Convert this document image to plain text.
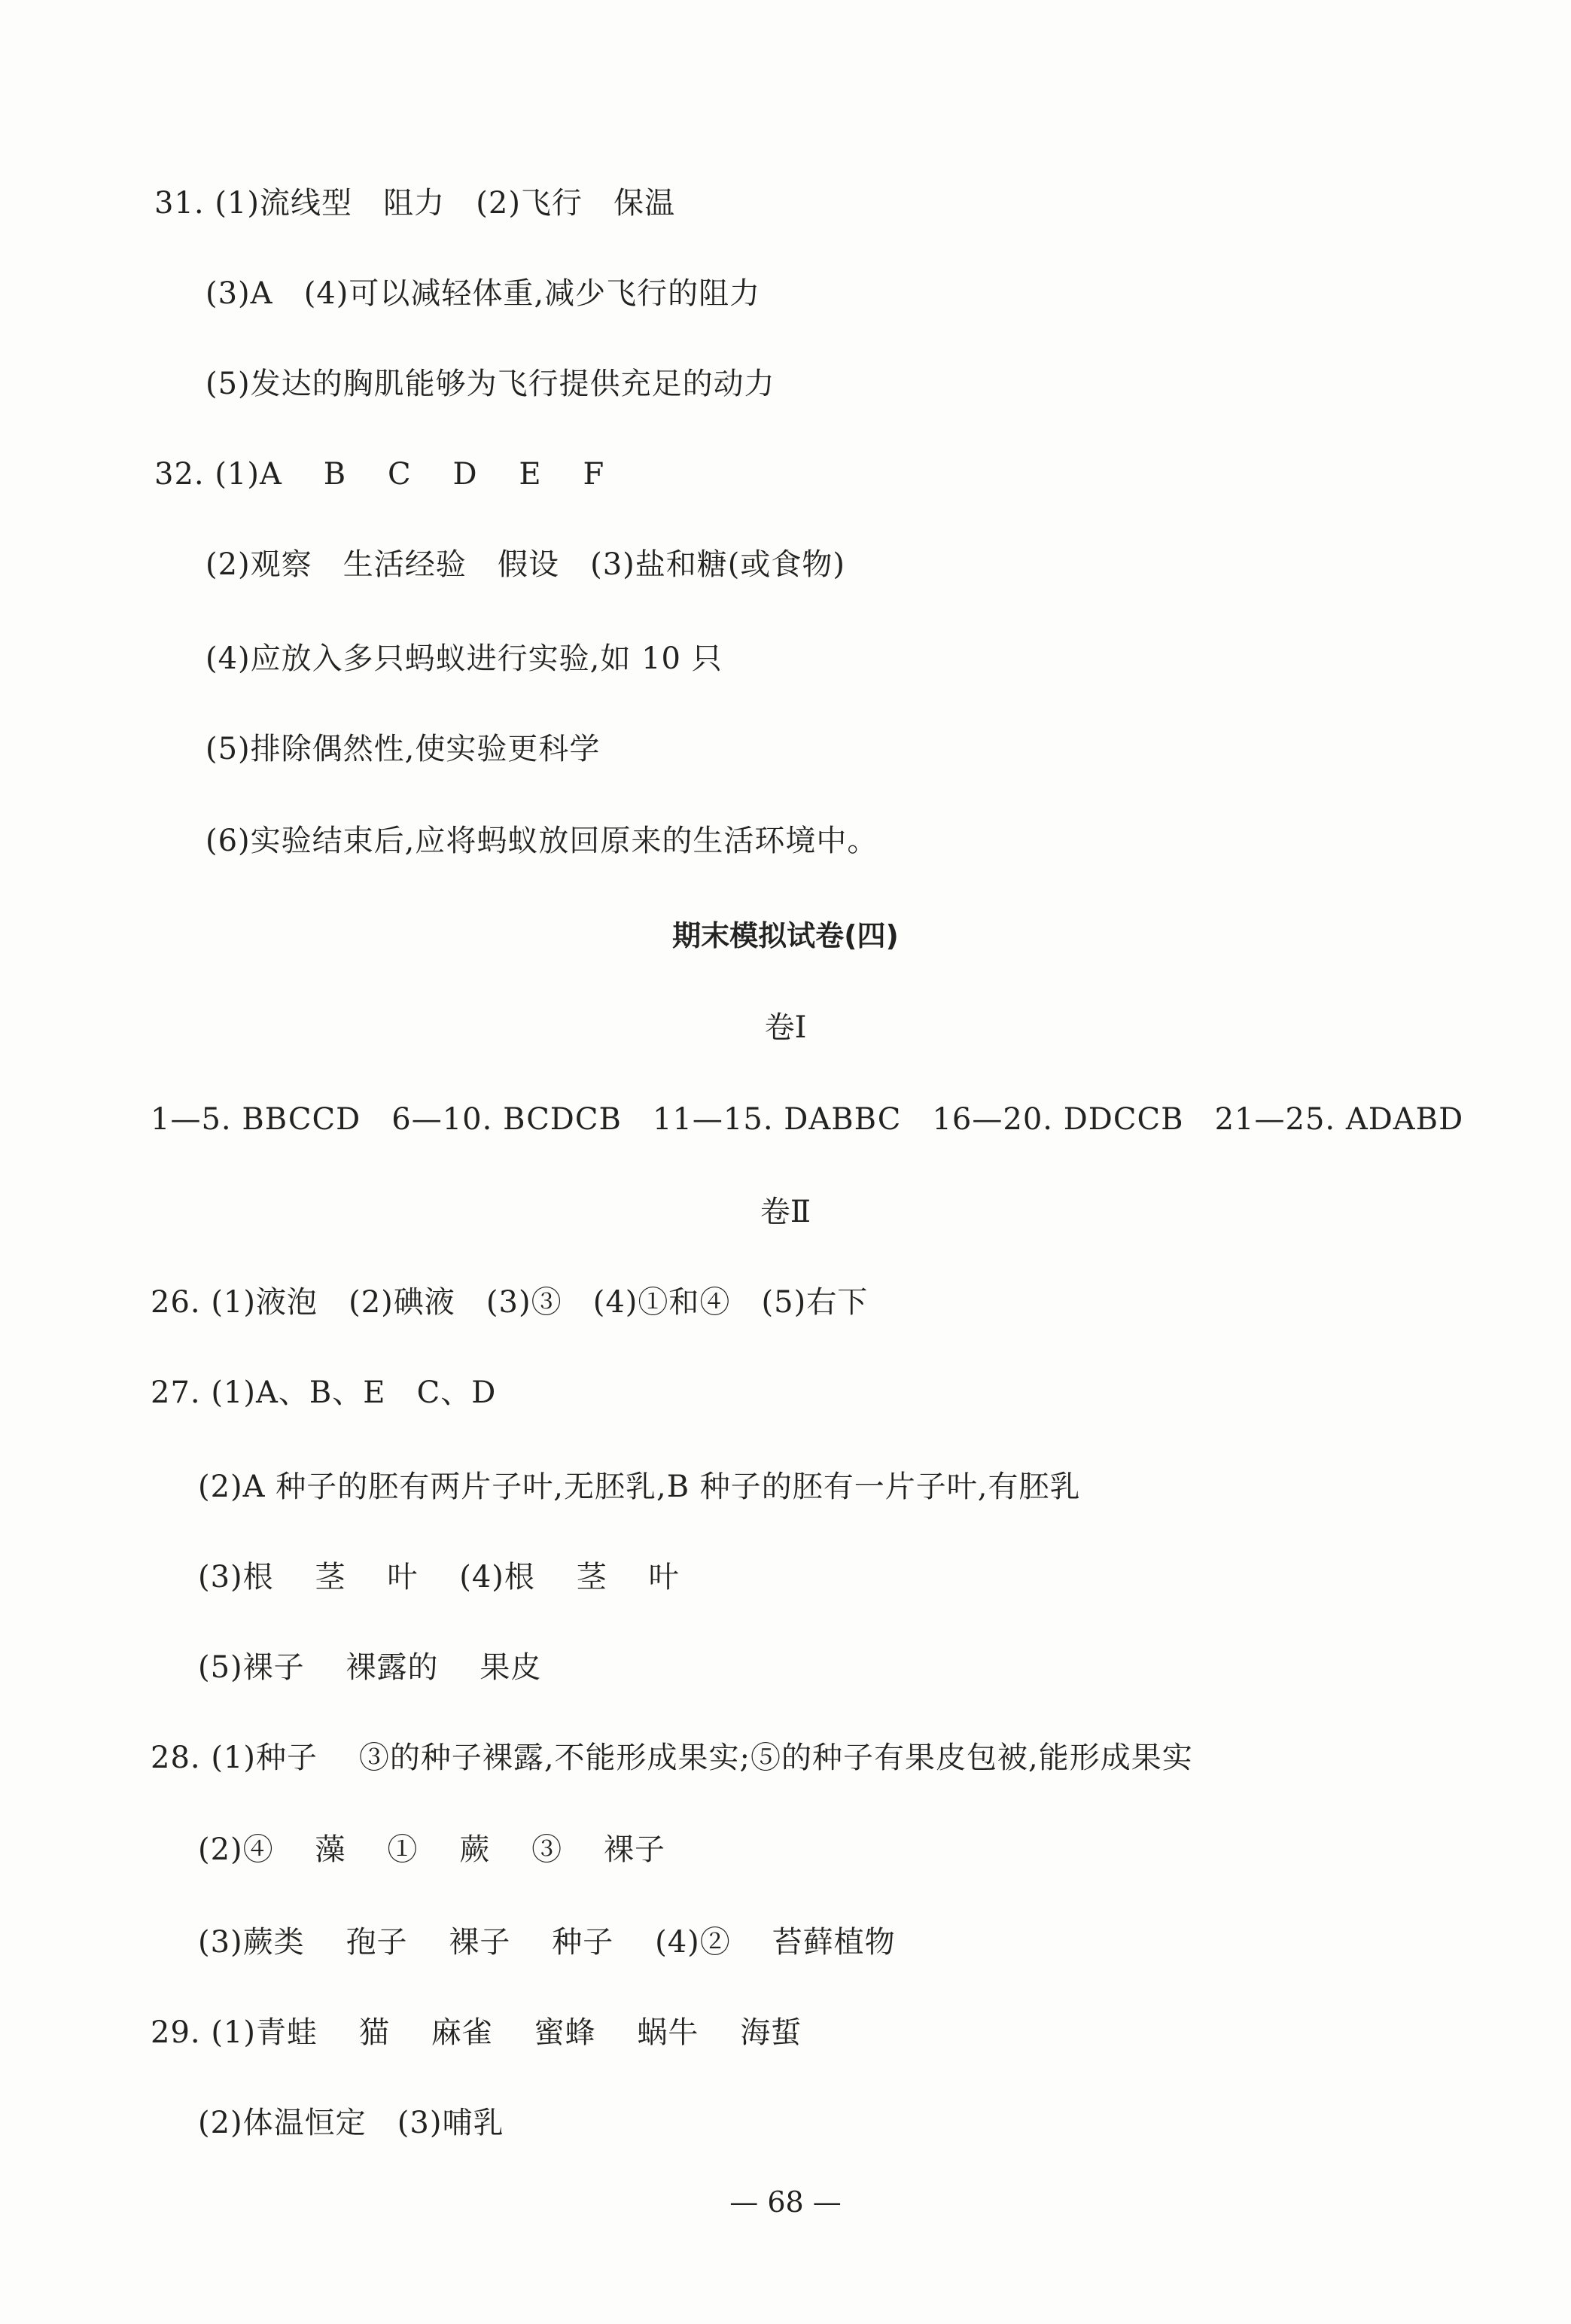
31. (1)流线型   阻力   (2)飞行   保温
(3)A   (4)可以减轻体重,减少飞行的阻力
(5)发达的胸肌能够为飞行提供充足的动力
32. (1)A    B    C    D    E    F
(2)观察   生活经验   假设   (3)盐和糖(或食物)
(4)应放入多只蚂蚁进行实验,如 10 只
(5)排除偶然性,使实验更科学
(6)实验结束后,应将蚂蚁放回原来的生活环境中。
期末模拟试卷(四)
卷Ⅰ
1—5. BBCCD   6—10. BCDCB   11—15. DABBC   16—20. DDCCB   21—25. ADABD
卷Ⅱ
26. (1)液泡   (2)碘液   (3)③   (4)①和④   (5)右下
27. (1)A、B、E   C、D
(2)A 种子的胚有两片子叶,无胚乳,B 种子的胚有一片子叶,有胚乳
(3)根    茎    叶    (4)根    茎    叶
(5)裸子    裸露的    果皮
28. (1)种子    ③的种子裸露,不能形成果实;⑤的种子有果皮包被,能形成果实
(2)④    藻    ①    蕨    ③    裸子
(3)蕨类    孢子    裸子    种子    (4)②    苔藓植物
29. (1)青蛙    猫    麻雀    蜜蜂    蜗牛    海蜇
(2)体温恒定   (3)哺乳
— 68 —
